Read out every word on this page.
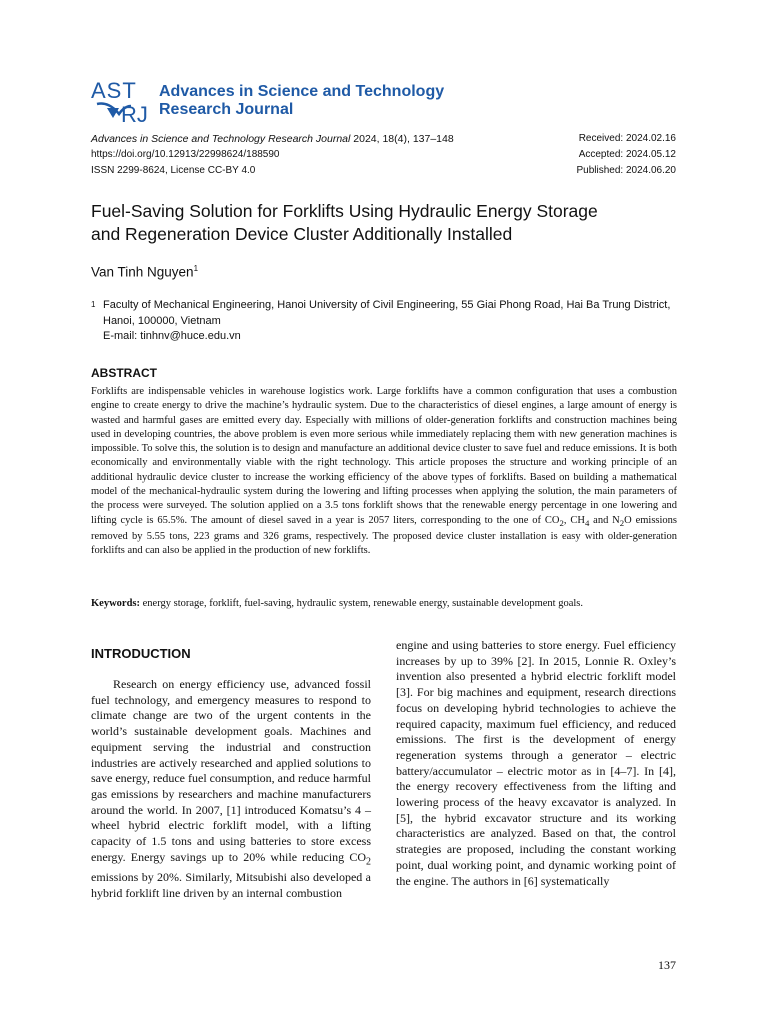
AST
RJ
Advances in Science and Technology
Research Journal
Advances in Science and Technology Research Journal 2024, 18(4), 137–148
https://doi.org/10.12913/22998624/188590
ISSN 2299-8624, License CC-BY 4.0
Received: 2024.02.16
Accepted: 2024.05.12
Published: 2024.06.20
Fuel-Saving Solution for Forklifts Using Hydraulic Energy Storage
and Regeneration Device Cluster Additionally Installed
Van Tinh Nguyen$^1$
1 Faculty of Mechanical Engineering, Hanoi University of Civil Engineering, 55 Giai Phong Road, Hai Ba Trung District, Hanoi, 100000, Vietnam
E-mail: tinhnv@huce.edu.vn
ABSTRACT

Forklifts are indispensable vehicles in warehouse logistics work. Large forklifts have a common configuration that uses a combustion engine to create energy to drive the machine’s hydraulic system. Due to the characteristics of diesel engines, a large amount of energy is wasted and harmful gases are emitted every day. Especially with millions of older-generation forklifts and construction machines being used in developing countries, the above problem is even more serious while immediately replacing them with new generation machines is impossible. To solve this, the solution is to design and manufacture an additional device cluster to save fuel and reduce emissions. It is both economically and environmentally viable with the right technology. This article proposes the structure and working principle of an additional hydraulic device cluster to increase the working efficiency of the above types of forklifts. Based on building a mathematical model of the mechanical-hydraulic system during the lowering and lifting processes when applying the solution, the main parameters of the process were surveyed. The solution applied on a 3.5 tons forklift shows that the renewable energy percentage in one lowering and lifting cycle is 65.5%. The amount of diesel saved in a year is 2057 liters, corresponding to the one of $CO_2$, $CH_4$ and $N_2O$ emissions removed by 5.55 tons, 223 grams and 326 grams, respectively. The proposed device cluster installation is easy with older-generation forklifts and can also be applied in the production of new forklifts.

Keywords: energy storage, forklift, fuel-saving, hydraulic system, renewable energy, sustainable development goals.
INTRODUCTION

Research on energy efficiency use, advanced fossil fuel technology, and emergency measures to respond to climate change are two of the urgent contents in the world’s sustainable development goals. Machines and equipment serving the industrial and construction industries are actively researched and applied solutions to save energy, reduce fuel consumption, and reduce harmful gas emissions by researchers and machine manufacturers around the world. In 2007, [1] introduced Komatsu’s 4 – wheel hybrid electric forklift model, with a lifting capacity of 1.5 tons and using batteries to store excess energy. Energy savings up to 20% while reducing $CO_2$ emissions by 20%. Similarly, Mitsubishi also developed a hybrid forklift line driven by an internal combustion

engine and using batteries to store energy. Fuel efficiency increases by up to 39% [2]. In 2015, Lonnie R. Oxley’s invention also presented a hybrid electric forklift model [3]. For big machines and equipment, research directions focus on developing hybrid technologies to achieve the required capacity, maximum fuel efficiency, and reduced emissions. The first is the development of energy regeneration systems through a generator – electric battery/accumulator – electric motor as in [4–7]. In [4], the energy recovery effectiveness from the lifting and lowering process of the heavy excavator is analyzed. In [5], the hybrid excavator structure and its working characteristics are analyzed. Based on that, the control strategies are proposed, including the constant working point, dual working point, and dynamic working point of the engine. The authors in [6] systematically

137
